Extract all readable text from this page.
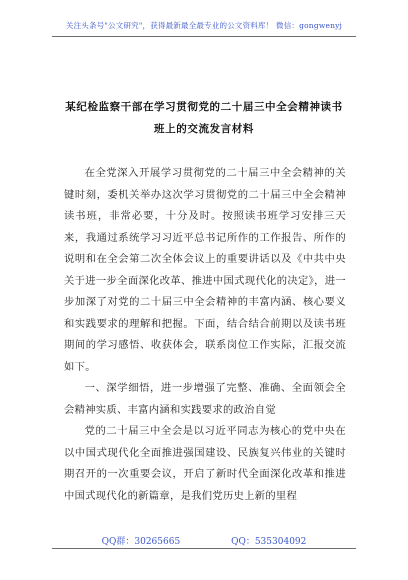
关注头条号"公文研究"，获得最新最全最专业的公文资料库！ 微信：gongwenyj
某纪检监察干部在学习贯彻党的二十届三中全会精神读书
班上的交流发言材料

在全党深入开展学习贯彻党的二十届三中全会精神的关键时刻，委机关举办这次学习贯彻党的二十届三中全会精神读书班，非常必要，十分及时。按照读书班学习安排三天来，我通过系统学习习近平总书记所作的工作报告、所作的说明和在全会第二次全体会议上的重要讲话以及《中共中央关于进一步全面深化改革、推进中国式现代化的决定》，进一步加深了对党的二十届三中全会精神的丰富内涵、核心要义和实践要求的理解和把握。下面，结合结合前期以及读书班期间的学习感悟、收获体会，联系岗位工作实际，汇报交流如下。

一、深学细悟，进一步增强了完整、准确、全面领会全会精神实质、丰富内涵和实践要求的政治自觉

党的二十届三中全会是以习近平同志为核心的党中央在以中国式现代化全面推进强国建设、民族复兴伟业的关键时期召开的一次重要会议，开启了新时代全面深化改革和推进中国式现代化的新篇章，是我们党历史上新的里程

QQ群：30265665	QQ：535304092
